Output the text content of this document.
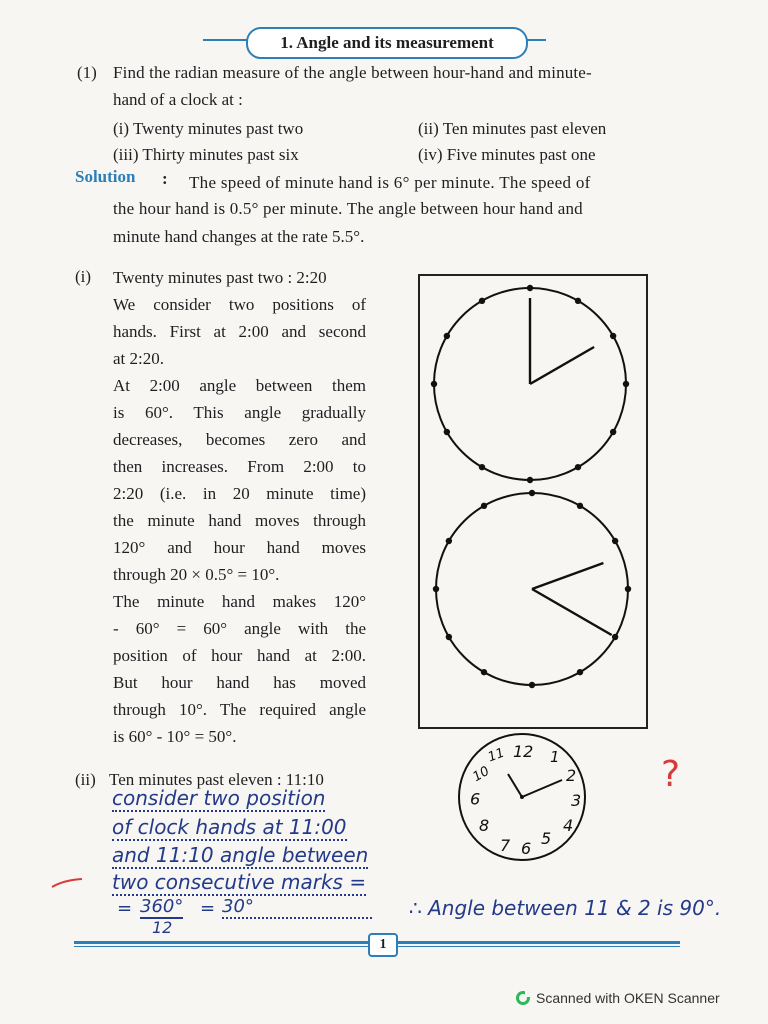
1. Angle and its measurement
(1) Find the radian measure of the angle between hour-hand and minute-
hand of a clock at :
(i) Twenty minutes past two	(ii) Ten minutes past eleven
(iii) Thirty minutes past six	(iv) Five minutes past one
Solution : The speed of minute hand is 6° per minute. The speed of
the hour hand is 0.5° per minute. The angle between hour hand and
minute hand changes at the rate 5.5°.
(i) Twenty minutes past two : 2:20
We consider two positions of
hands. First at 2:00 and second
at 2:20.
At 2:00 angle between them
is 60°. This angle gradually
decreases, becomes zero and
then increases. From 2:00 to
2:20 (i.e. in 20 minute time)
the minute hand moves through
120° and hour hand moves
through 20 × 0.5° = 10°.
The minute hand makes 120°
- 60° = 60° angle with the
position of hour hand at 2:00.
But hour hand has moved
through 10°. The required angle
is 60° - 10° = 50°.
11 12 1
2
3
4
5
6
7
8
9
10
(ii) Ten minutes past eleven : 11:10
consider two position
of clock hands at 11:00
and 11:10 angle between
two consecutive marks =
= 360°
12
= 30°	∴ Angle between 11 & 2 is 90°.
?
1
Scanned with OKEN Scanner
